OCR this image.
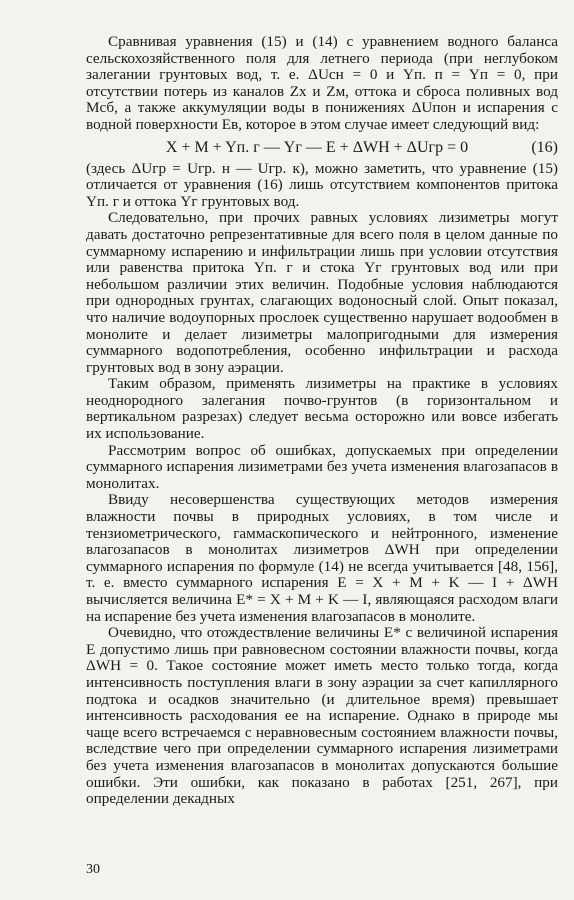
Сравнивая уравнения (15) и (14) с уравнением водного баланса сельскохозяйственного поля для летнего периода (при неглубоком залегании грунтовых вод, т. е. ΔUсн = 0 и Yп. п = Yп = 0, при отсутствии потерь из каналов Zх и Zм, оттока и сброса поливных вод Mсб, а также аккумуляции воды в понижениях ΔUпон и испарения с водной поверхности Eв, которое в этом случае имеет следующий вид:

X + M + Yп. г — Yг — E + ΔWH + ΔUгр = 0	(16)

(здесь ΔUгр = Uгр. н — Uгр. к), можно заметить, что уравнение (15) отличается от уравнения (16) лишь отсутствием компонентов притока Yп. г и оттока Yг грунтовых вод.

Следовательно, при прочих равных условиях лизиметры могут давать достаточно репрезентативные для всего поля в целом данные по суммарному испарению и инфильтрации лишь при условии отсутствия или равенства притока Yп. г и стока Yг грунтовых вод или при небольшом различии этих величин. Подобные условия наблюдаются при однородных грунтах, слагающих водоносный слой. Опыт показал, что наличие водоупорных прослоек существенно нарушает водообмен в монолите и делает лизиметры малопригодными для измерения суммарного водопотребления, особенно инфильтрации и расхода грунтовых вод в зону аэрации.

Таким образом, применять лизиметры на практике в условиях неоднородного залегания почво-грунтов (в горизонтальном и вертикальном разрезах) следует весьма осторожно или вовсе избегать их использование.

Рассмотрим вопрос об ошибках, допускаемых при определении суммарного испарения лизиметрами без учета изменения влагозапасов в монолитах.

Ввиду несовершенства существующих методов измерения влажности почвы в природных условиях, в том числе и тензиометрического, гаммаскопического и нейтронного, изменение влагозапасов в монолитах лизиметров ΔWH при определении суммарного испарения по формуле (14) не всегда учитывается [48, 156], т. е. вместо суммарного испарения E = X + M + K — I + ΔWH вычисляется величина E* = X + M + K — I, являющаяся расходом влаги на испарение без учета изменения влагозапасов в монолите.

Очевидно, что отождествление величины E* с величиной испарения E допустимо лишь при равновесном состоянии влажности почвы, когда ΔWH = 0. Такое состояние может иметь место только тогда, когда интенсивность поступления влаги в зону аэрации за счет капиллярного подтока и осадков значительно (и длительное время) превышает интенсивность расходования ее на испарение. Однако в природе мы чаще всего встречаемся с неравновесным состоянием влажности почвы, вследствие чего при определении суммарного испарения лизиметрами без учета изменения влагозапасов в монолитах допускаются большие ошибки. Эти ошибки, как показано в работах [251, 267], при определении декадных

30
